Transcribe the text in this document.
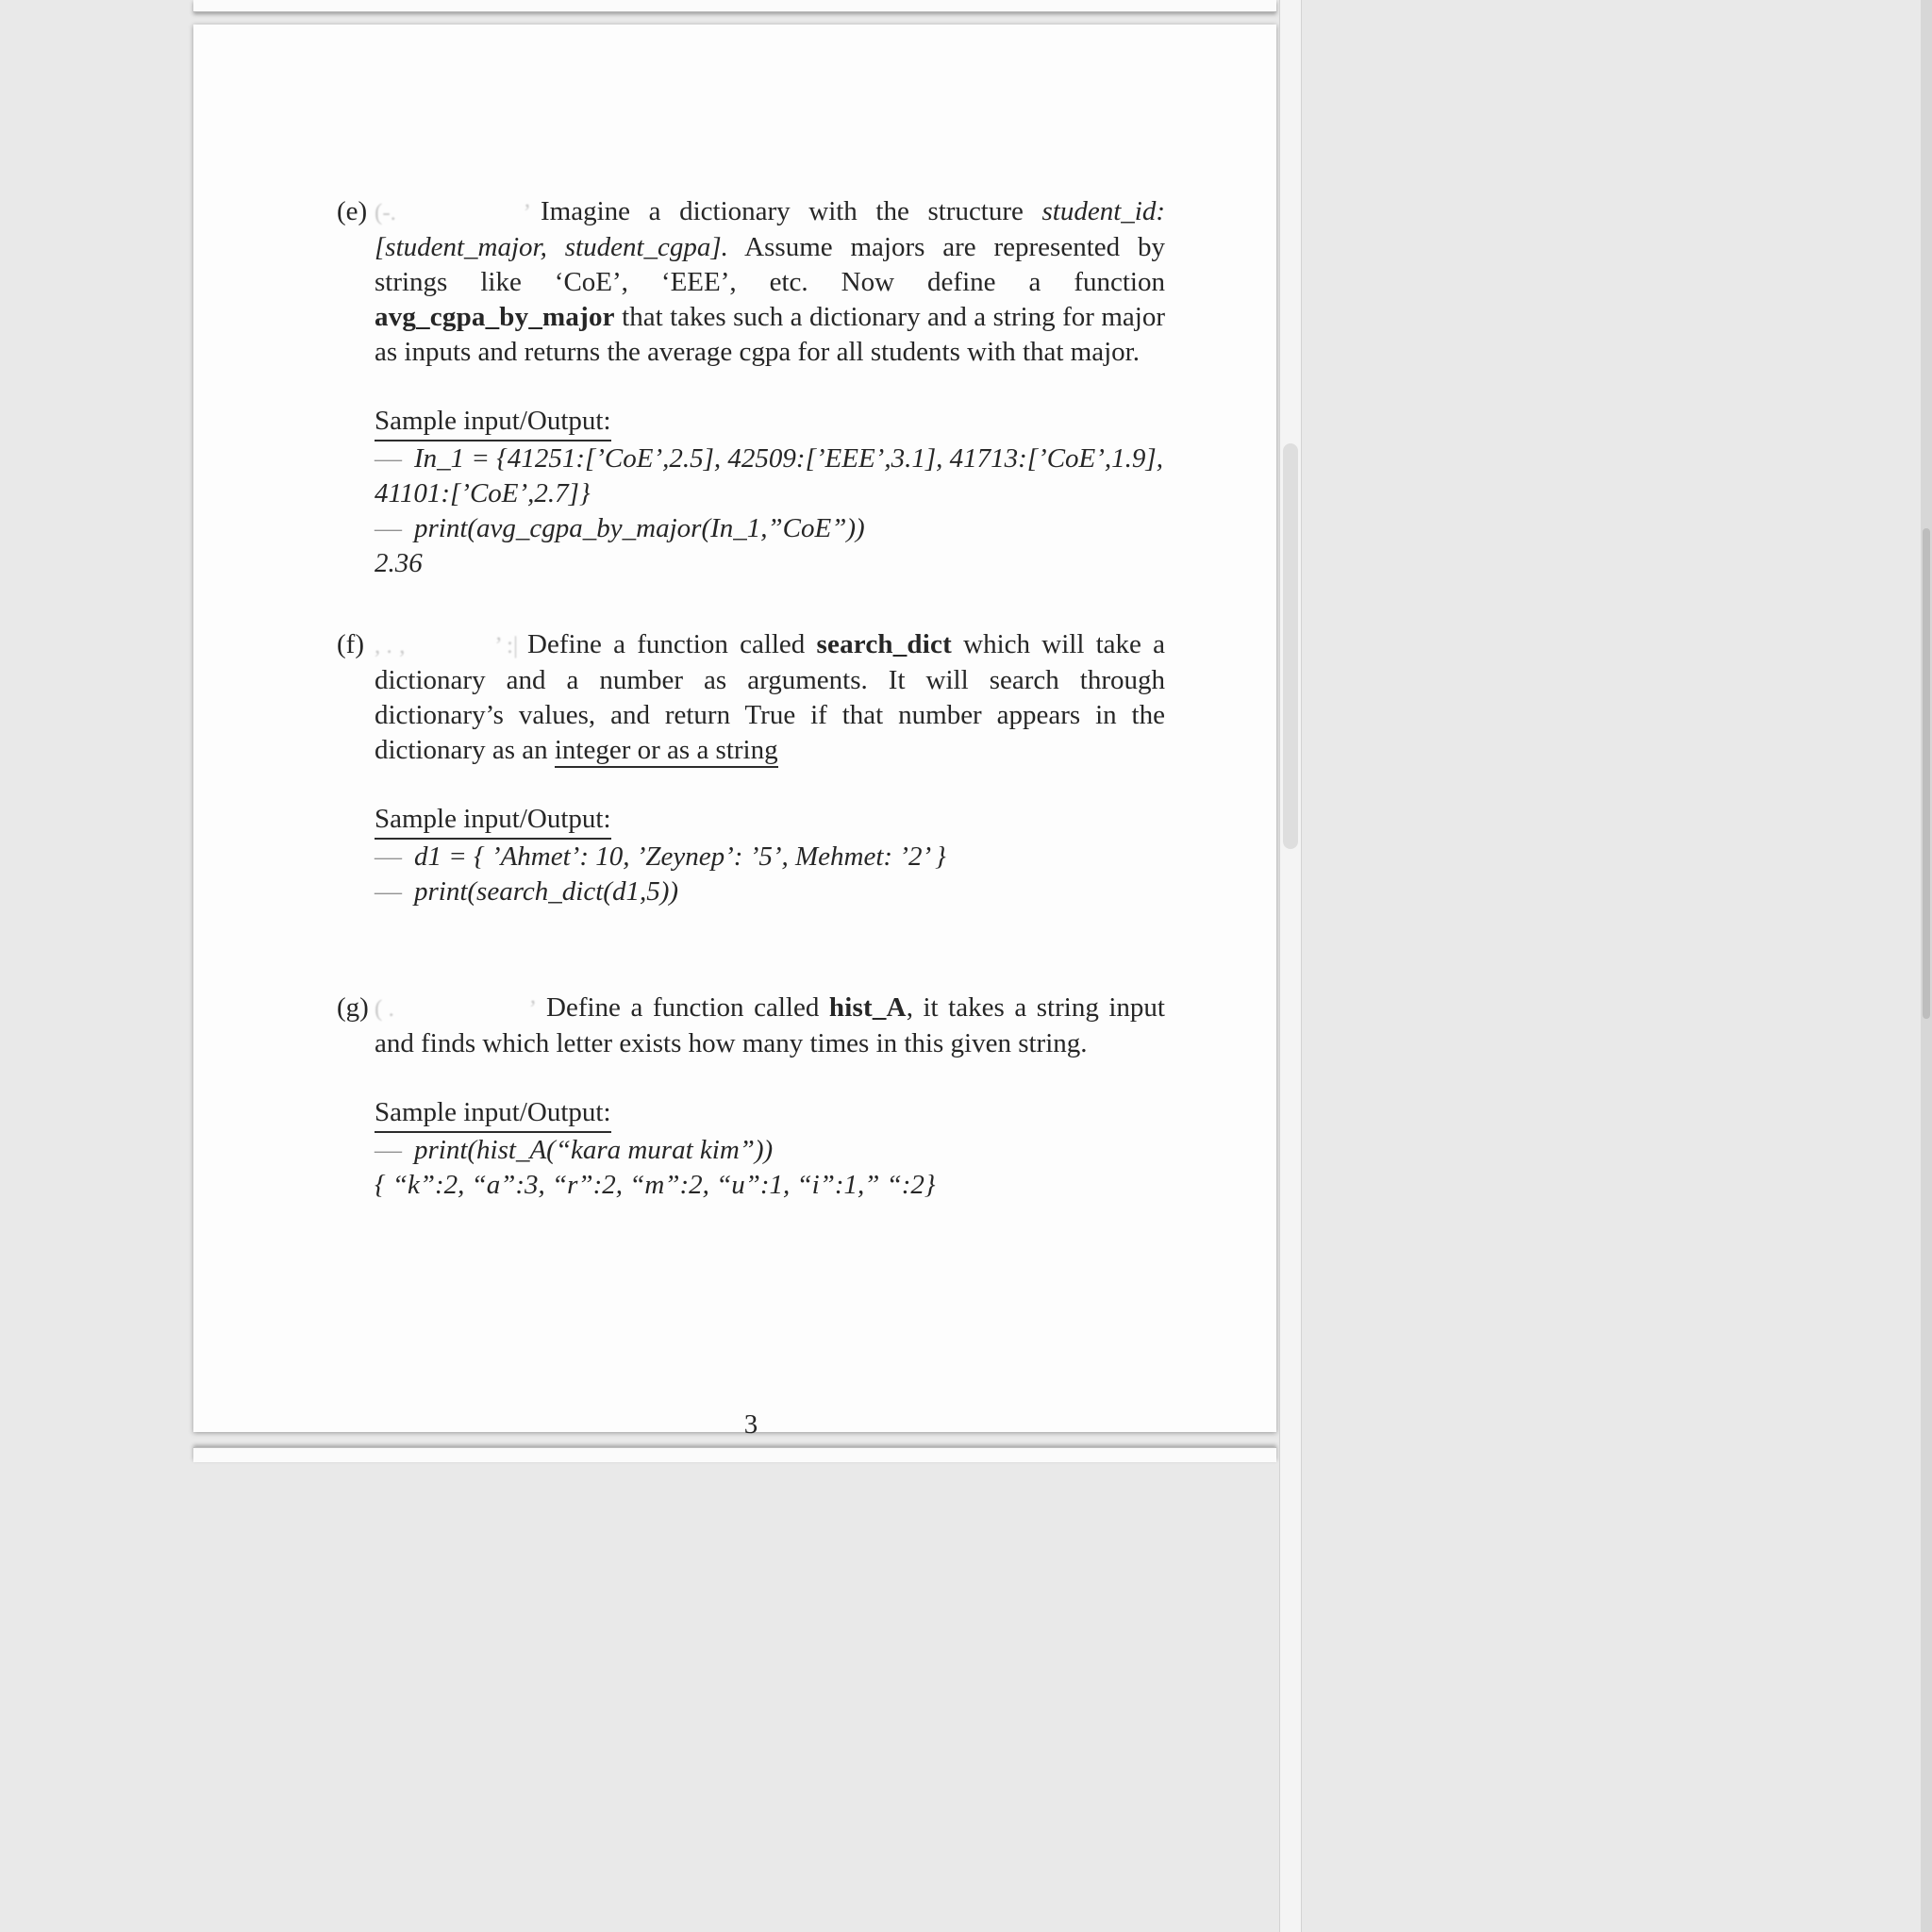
(e) (‐.	’ Imagine a dictionary with the structure student_id:[student_major, student_cgpa]. Assume majors are represented by strings like ‘CoE’, ‘EEE’, etc. Now define a function avg_cgpa_by_major that takes such a dictionary and a string for major as inputs and returns the average cgpa for all students with that major.

Sample input/Output:
— In_1 = {41251:[’CoE’,2.5], 42509:[’EEE’,3.1], 41713:[’CoE’,1.9], 41101:[’CoE’,2.7]}
— print(avg_cgpa_by_major(In_1,”CoE”))
2.36
(f) , . ‚	’ :| Define a function called search_dict which will take a dictionary and a number as arguments. It will search through dictionary’s values, and return True if that number appears in the dictionary as an integer or as a string

Sample input/Output:
— d1 = { ’Ahmet’: 10, ’Zeynep’: ’5’, Mehmet: ’2’ }
— print(search_dict(d1,5))
(g) ( .	’ Define a function called hist_A, it takes a string input and finds which letter exists how many times in this given string.

Sample input/Output:
— print(hist_A(“kara murat kim”))
{ “k”:2, “a”:3, “r”:2, “m”:2, “u”:1, “i”:1,” “:2}
3
